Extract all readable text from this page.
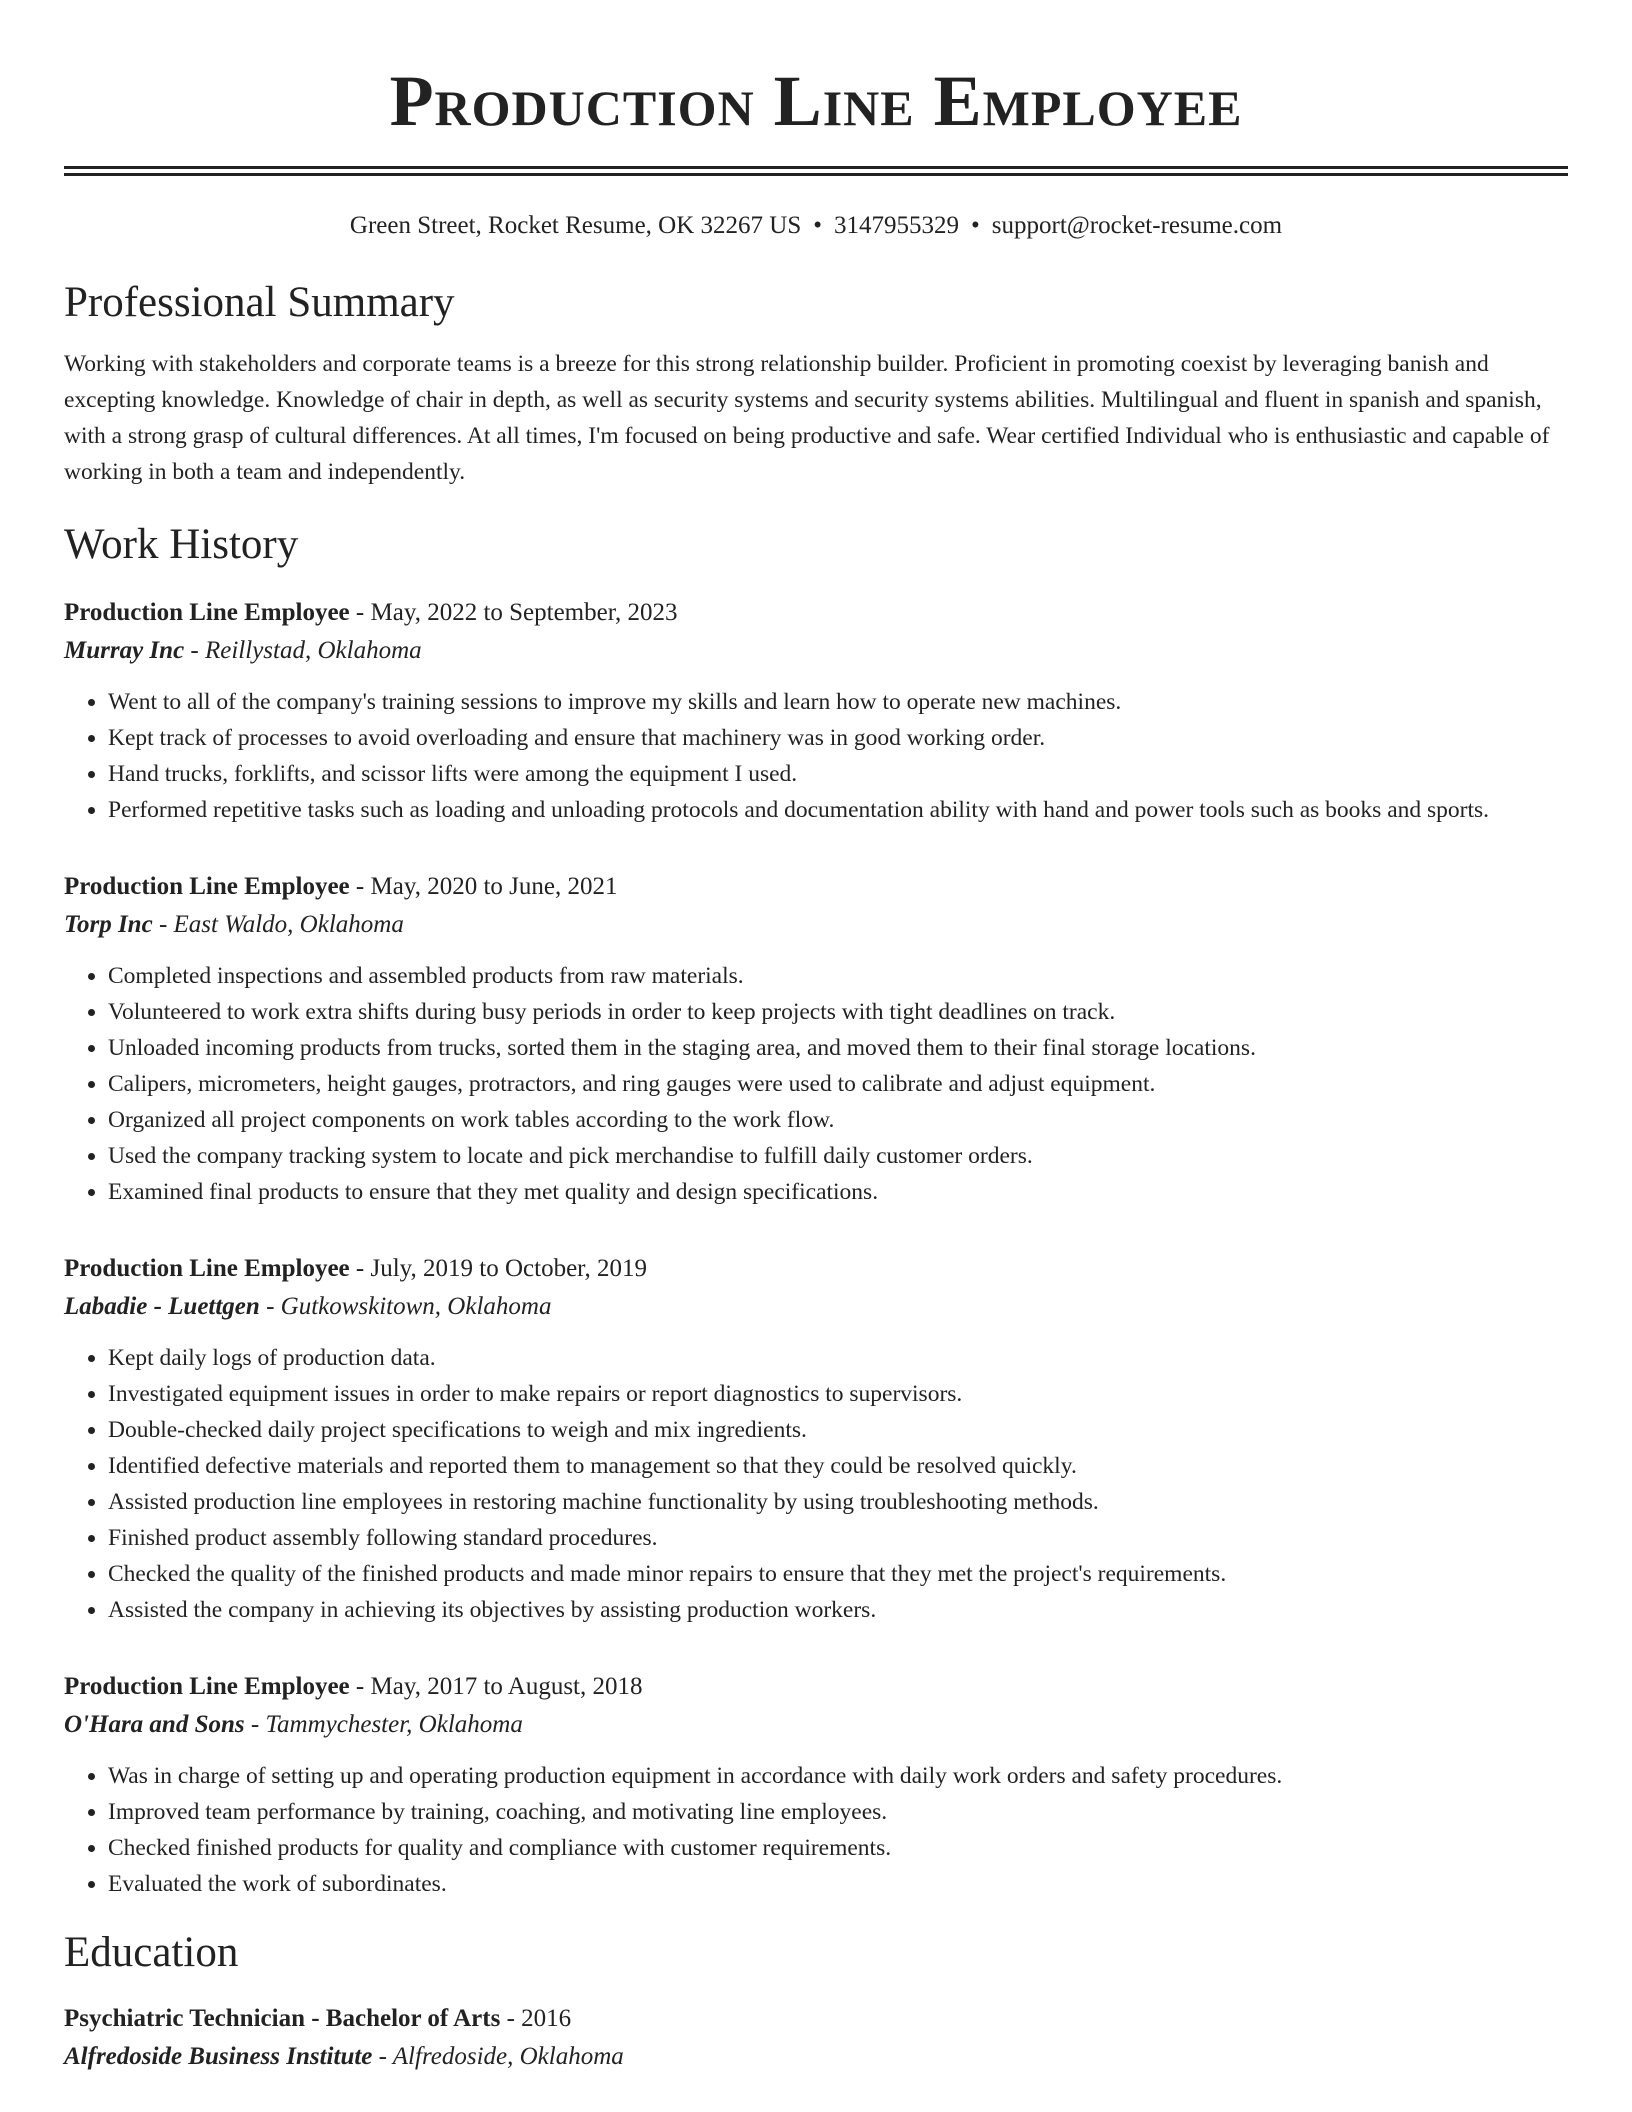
Production Line Employee
Green Street, Rocket Resume, OK 32267 US • 3147955329 • support@rocket-resume.com
Professional Summary
Working with stakeholders and corporate teams is a breeze for this strong relationship builder. Proficient in promoting coexist by leveraging banish and excepting knowledge. Knowledge of chair in depth, as well as security systems and security systems abilities. Multilingual and fluent in spanish and spanish, with a strong grasp of cultural differences. At all times, I'm focused on being productive and safe. Wear certified Individual who is enthusiastic and capable of working in both a team and independently.
Work History
Production Line Employee - May, 2022 to September, 2023
Murray Inc - Reillystad, Oklahoma
• Went to all of the company's training sessions to improve my skills and learn how to operate new machines.
• Kept track of processes to avoid overloading and ensure that machinery was in good working order.
• Hand trucks, forklifts, and scissor lifts were among the equipment I used.
• Performed repetitive tasks such as loading and unloading protocols and documentation ability with hand and power tools such as books and sports.
Production Line Employee - May, 2020 to June, 2021
Torp Inc - East Waldo, Oklahoma
• Completed inspections and assembled products from raw materials.
• Volunteered to work extra shifts during busy periods in order to keep projects with tight deadlines on track.
• Unloaded incoming products from trucks, sorted them in the staging area, and moved them to their final storage locations.
• Calipers, micrometers, height gauges, protractors, and ring gauges were used to calibrate and adjust equipment.
• Organized all project components on work tables according to the work flow.
• Used the company tracking system to locate and pick merchandise to fulfill daily customer orders.
• Examined final products to ensure that they met quality and design specifications.
Production Line Employee - July, 2019 to October, 2019
Labadie - Luettgen - Gutkowskitown, Oklahoma
• Kept daily logs of production data.
• Investigated equipment issues in order to make repairs or report diagnostics to supervisors.
• Double-checked daily project specifications to weigh and mix ingredients.
• Identified defective materials and reported them to management so that they could be resolved quickly.
• Assisted production line employees in restoring machine functionality by using troubleshooting methods.
• Finished product assembly following standard procedures.
• Checked the quality of the finished products and made minor repairs to ensure that they met the project's requirements.
• Assisted the company in achieving its objectives by assisting production workers.
Production Line Employee - May, 2017 to August, 2018
O'Hara and Sons - Tammychester, Oklahoma
• Was in charge of setting up and operating production equipment in accordance with daily work orders and safety procedures.
• Improved team performance by training, coaching, and motivating line employees.
• Checked finished products for quality and compliance with customer requirements.
• Evaluated the work of subordinates.
Education
Psychiatric Technician - Bachelor of Arts - 2016
Alfredoside Business Institute - Alfredoside, Oklahoma
